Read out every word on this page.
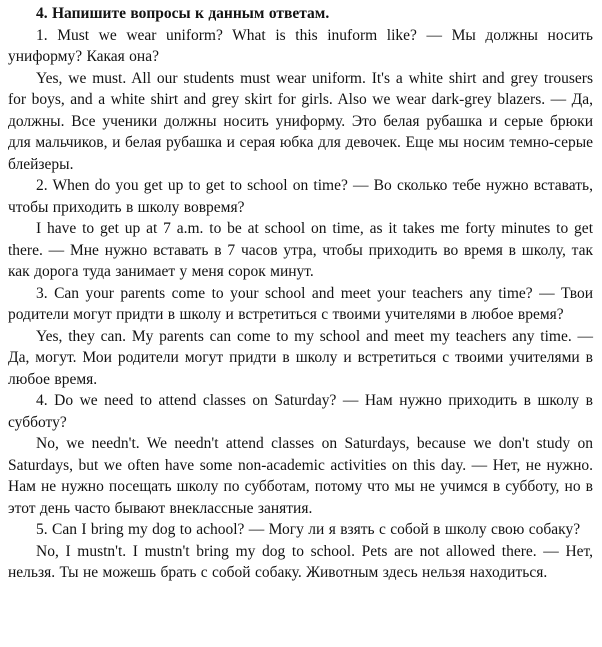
4. Напишите вопросы к данным ответам.

1. Must we wear uniform? What is this inuform like? — Мы должны носить униформу? Какая она?

Yes, we must. All our students must wear uniform. It's a white shirt and grey trousers for boys, and a white shirt and grey skirt for girls. Also we wear dark-grey blazers. — Да, должны. Все ученики должны носить униформу. Это белая рубашка и серые брюки для мальчиков, и белая рубашка и серая юбка для девочек. Еще мы носим темно-серые блейзеры.

2. When do you get up to get to school on time? — Во сколько тебе нужно вставать, чтобы приходить в школу вовремя?

I have to get up at 7 a.m. to be at school on time, as it takes me forty minutes to get there. — Мне нужно вставать в 7 часов утра, чтобы приходить во время в школу, так как дорога туда занимает у меня сорок минут.

3. Can your parents come to your school and meet your teachers any time? — Твои родители могут придти в школу и встретиться с твоими учителями в любое время?

Yes, they can. My parents can come to my school and meet my teachers any time. — Да, могут. Мои родители могут придти в школу и встретиться с твоими учителями в любое время.

4. Do we need to attend classes on Saturday? — Нам нужно приходить в школу в субботу?

No, we needn't. We needn't attend classes on Saturdays, because we don't study on Saturdays, but we often have some non-academic activities on this day. — Нет, не нужно. Нам не нужно посещать школу по субботам, потому что мы не учимся в субботу, но в этот день часто бывают внеклассные занятия.

5. Can I bring my dog to achool? — Могу ли я взять с собой в школу свою собаку?

No, I mustn't. I mustn't bring my dog to school. Pets are not allowed there. — Нет, нельзя. Ты не можешь брать с собой собаку. Животным здесь нельзя находиться.
